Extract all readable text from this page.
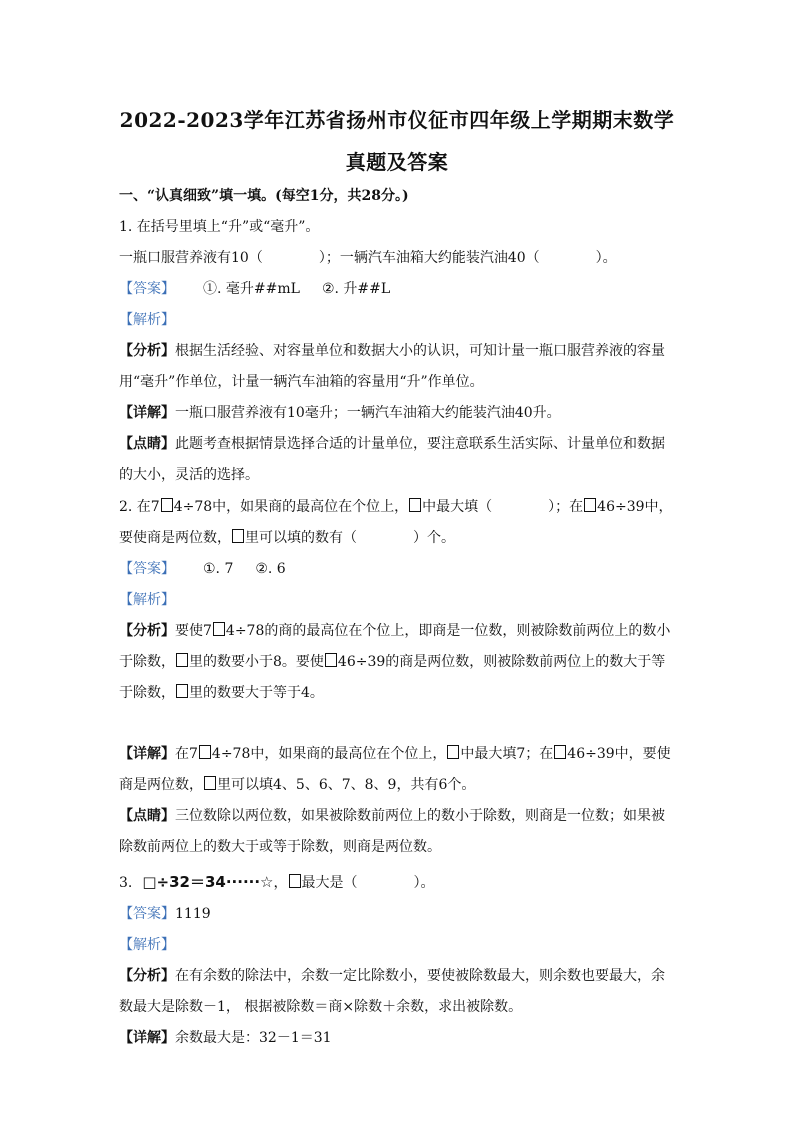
2022-2023学年江苏省扬州市仪征市四年级上学期期末数学
真题及答案
一、“认真细致”填一填。(每空1分，共28分。)
1. 在括号里填上“升”或“毫升”。
一瓶口服营养液有10（	）；一辆汽车油箱大约能装汽油40（	）。
【答案】 ①. 毫升##mL ②. 升##L
【解析】
【分析】根据生活经验、对容量单位和数据大小的认识，可知计量一瓶口服营养液的容量
用“毫升”作单位，计量一辆汽车油箱的容量用“升”作单位。
【详解】一瓶口服营养液有10毫升；一辆汽车油箱大约能装汽油40升。
【点睛】此题考查根据情景选择合适的计量单位，要注意联系生活实际、计量单位和数据
的大小，灵活的选择。
2. 在7 4÷78中，如果商的最高位在个位上， 中最大填（	）；在 46÷39中，
要使商是两位数， 里可以填的数有（	）个。
【答案】 ①. 7 ②. 6
【解析】
【分析】要使7 4÷78的商的最高位在个位上，即商是一位数，则被除数前两位上的数小
于除数， 里的数要小于8。要使 46÷39的商是两位数，则被除数前两位上的数大于等
于除数， 里的数要大于等于4。
【详解】在7 4÷78中，如果商的最高位在个位上， 中最大填7；在 46÷39中，要使
商是两位数， 里可以填4、5、6、7、8、9，共有6个。
【点睛】三位数除以两位数，如果被除数前两位上的数小于除数，则商是一位数；如果被
除数前两位上的数大于或等于除数，则商是两位数。
3. □÷32＝34······☆， 最大是（	）。
【答案】1119
【解析】
【分析】在有余数的除法中，余数一定比除数小，要使被除数最大，则余数也要最大，余
数最大是除数－1， 根据被除数＝商×除数＋余数，求出被除数。
【详解】余数最大是：32－1＝31
